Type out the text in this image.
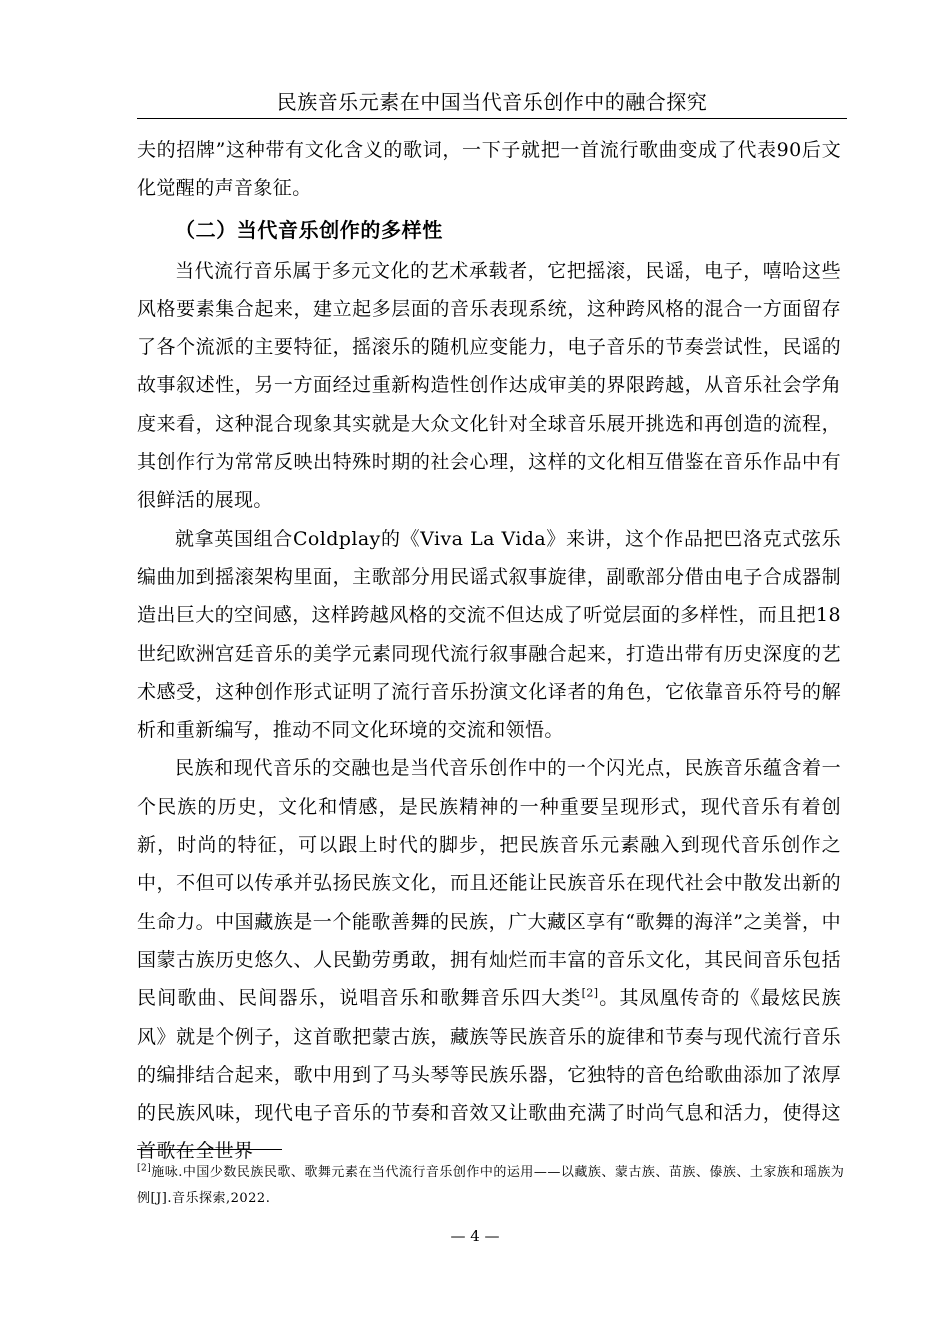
民族音乐元素在中国当代音乐创作中的融合探究

夫的招牌”这种带有文化含义的歌词，一下子就把一首流行歌曲变成了代表90后文化觉醒的声音象征。

（二）当代音乐创作的多样性

当代流行音乐属于多元文化的艺术承载者，它把摇滚，民谣，电子，嘻哈这些风格要素集合起来，建立起多层面的音乐表现系统，这种跨风格的混合一方面留存了各个流派的主要特征，摇滚乐的随机应变能力，电子音乐的节奏尝试性，民谣的故事叙述性，另一方面经过重新构造性创作达成审美的界限跨越，从音乐社会学角度来看，这种混合现象其实就是大众文化针对全球音乐展开挑选和再创造的流程，其创作行为常常反映出特殊时期的社会心理，这样的文化相互借鉴在音乐作品中有很鲜活的展现。

就拿英国组合Coldplay的《Viva La Vida》来讲，这个作品把巴洛克式弦乐编曲加到摇滚架构里面，主歌部分用民谣式叙事旋律，副歌部分借由电子合成器制造出巨大的空间感，这样跨越风格的交流不但达成了听觉层面的多样性，而且把18世纪欧洲宫廷音乐的美学元素同现代流行叙事融合起来，打造出带有历史深度的艺术感受，这种创作形式证明了流行音乐扮演文化译者的角色，它依靠音乐符号的解析和重新编写，推动不同文化环境的交流和领悟。

民族和现代音乐的交融也是当代音乐创作中的一个闪光点，民族音乐蕴含着一个民族的历史，文化和情感，是民族精神的一种重要呈现形式，现代音乐有着创新，时尚的特征，可以跟上时代的脚步，把民族音乐元素融入到现代音乐创作之中，不但可以传承并弘扬民族文化，而且还能让民族音乐在现代社会中散发出新的生命力。中国藏族是一个能歌善舞的民族，广大藏区享有“歌舞的海洋”之美誉，中国蒙古族历史悠久、人民勤劳勇敢，拥有灿烂而丰富的音乐文化，其民间音乐包括民间歌曲、民间器乐，说唱音乐和歌舞音乐四大类[2]。其凤凰传奇的《最炫民族风》就是个例子，这首歌把蒙古族，藏族等民族音乐的旋律和节奏与现代流行音乐的编排结合起来，歌中用到了马头琴等民族乐器，它独特的音色给歌曲添加了浓厚的民族风味，现代电子音乐的节奏和音效又让歌曲充满了时尚气息和活力，使得这首歌在全世界

[2]施咏.中国少数民族民歌、歌舞元素在当代流行音乐创作中的运用——以藏族、蒙古族、苗族、傣族、土家族和瑶族为例[J].音乐探索,2022.
— 4 —
